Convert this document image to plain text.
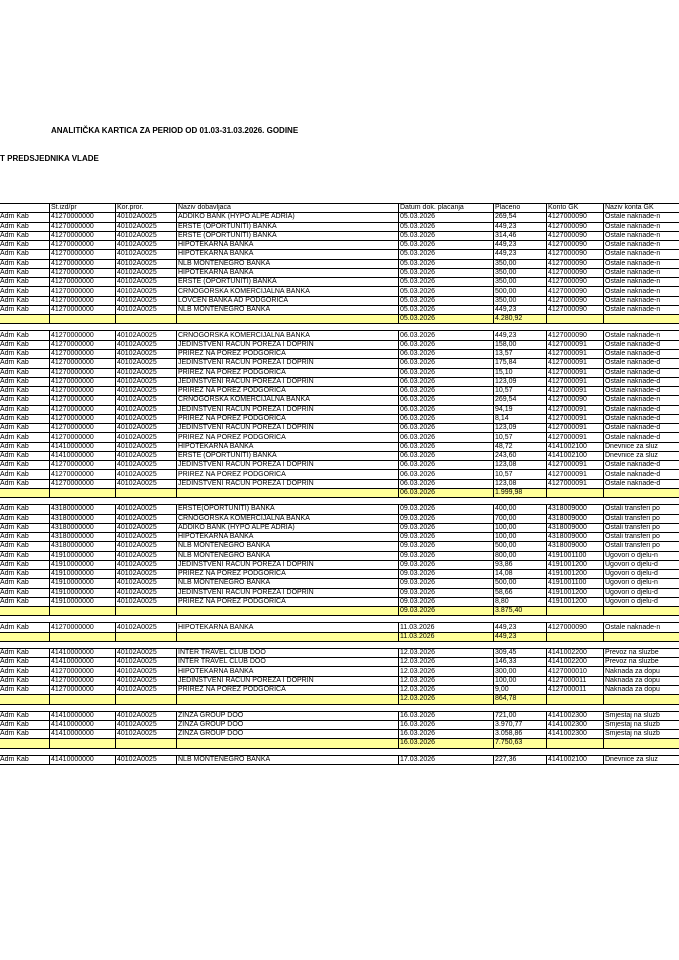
ANALITIČKA KARTICA ZA PERIOD OD 01.03-31.03.2026. GODINE
T PREDSJEDNIKA VLADE
	St.izd/pr	Kor.pror.	Naziv dobavljaca	Datum dok. placanja	Placeno	Konto GK	Naziv konta GK
Adm Kab	41270000000	40102A0025	ADDIKO BANK (HYPO ALPE ADRIA)	05.03.2026	269,54	4127000090	Ostale naknade-n
Adm Kab	41270000000	40102A0025	ERSTE (OPORTUNITI) BANKA	05.03.2026	449,23	4127000090	Ostale naknade-n
Adm Kab	41270000000	40102A0025	ERSTE (OPORTUNITI) BANKA	05.03.2026	314,46	4127000090	Ostale naknade-n
Adm Kab	41270000000	40102A0025	HIPOTEKARNA BANKA	05.03.2026	449,23	4127000090	Ostale naknade-n
Adm Kab	41270000000	40102A0025	HIPOTEKARNA BANKA	05.03.2026	449,23	4127000090	Ostale naknade-n
Adm Kab	41270000000	40102A0025	NLB MONTENEGRO BANKA	05.03.2026	350,00	4127000090	Ostale naknade-n
Adm Kab	41270000000	40102A0025	HIPOTEKARNA BANKA	05.03.2026	350,00	4127000090	Ostale naknade-n
Adm Kab	41270000000	40102A0025	ERSTE (OPORTUNITI) BANKA	05.03.2026	350,00	4127000090	Ostale naknade-n
Adm Kab	41270000000	40102A0025	CRNOGORSKA KOMERCIJALNA BANKA	05.03.2026	500,00	4127000090	Ostale naknade-n
Adm Kab	41270000000	40102A0025	LOVCEN BANKA AD PODGORICA	05.03.2026	350,00	4127000090	Ostale naknade-n
Adm Kab	41270000000	40102A0025	NLB MONTENEGRO BANKA	05.03.2026	449,23	4127000090	Ostale naknade-n
				05.03.2026	4.280,92		

Adm Kab	41270000000	40102A0025	CRNOGORSKA KOMERCIJALNA BANKA	06.03.2026	449,23	4127000090	Ostale naknade-n
Adm Kab	41270000000	40102A0025	JEDINSTVENI RACUN POREZA I DOPRIN	06.03.2026	158,00	4127000091	Ostale naknade-d
Adm Kab	41270000000	40102A0025	PRIREZ NA POREZ PODGORICA	06.03.2026	13,57	4127000091	Ostale naknade-d
Adm Kab	41270000000	40102A0025	JEDINSTVENI RACUN POREZA I DOPRIN	06.03.2026	175,84	4127000091	Ostale naknade-d
Adm Kab	41270000000	40102A0025	PRIREZ NA POREZ PODGORICA	06.03.2026	15,10	4127000091	Ostale naknade-d
Adm Kab	41270000000	40102A0025	JEDINSTVENI RACUN POREZA I DOPRIN	06.03.2026	123,09	4127000091	Ostale naknade-d
Adm Kab	41270000000	40102A0025	PRIREZ NA POREZ PODGORICA	06.03.2026	10,57	4127000091	Ostale naknade-d
Adm Kab	41270000000	40102A0025	CRNOGORSKA KOMERCIJALNA BANKA	06.03.2026	269,54	4127000090	Ostale naknade-n
Adm Kab	41270000000	40102A0025	JEDINSTVENI RACUN POREZA I DOPRIN	06.03.2026	94,19	4127000091	Ostale naknade-d
Adm Kab	41270000000	40102A0025	PRIREZ NA POREZ PODGORICA	06.03.2026	8,14	4127000091	Ostale naknade-d
Adm Kab	41270000000	40102A0025	JEDINSTVENI RACUN POREZA I DOPRIN	06.03.2026	123,09	4127000091	Ostale naknade-d
Adm Kab	41270000000	40102A0025	PRIREZ NA POREZ PODGORICA	06.03.2026	10,57	4127000091	Ostale naknade-d
Adm Kab	41410000000	40102A0025	HIPOTEKARNA BANKA	06.03.2026	48,72	4141002100	Dnevnice za sluz
Adm Kab	41410000000	40102A0025	ERSTE (OPORTUNITI) BANKA	06.03.2026	243,60	4141002100	Dnevnice za sluz
Adm Kab	41270000000	40102A0025	JEDINSTVENI RACUN POREZA I DOPRIN	06.03.2026	123,08	4127000091	Ostale naknade-d
Adm Kab	41270000000	40102A0025	PRIREZ NA POREZ PODGORICA	06.03.2026	10,57	4127000091	Ostale naknade-d
Adm Kab	41270000000	40102A0025	JEDINSTVENI RACUN POREZA I DOPRIN	06.03.2026	123,08	4127000091	Ostale naknade-d
				06.03.2026	1.999,98		

Adm Kab	43180000000	40102A0025	ERSTE(OPORTUNITI) BANKA	09.03.2026	400,00	4318009000	Ostali transferi po
Adm Kab	43180000000	40102A0025	CRNOGORSKA KOMERCIJALNA BANKA	09.03.2026	700,00	4318009000	Ostali transferi po
Adm Kab	43180000000	40102A0025	ADDIKO BANK (HYPO ALPE ADRIA)	09.03.2026	100,00	4318009000	Ostali transferi po
Adm Kab	43180000000	40102A0025	HIPOTEKARNA BANKA	09.03.2026	100,00	4318009000	Ostali transferi po
Adm Kab	43180000000	40102A0025	NLB MONTENEGRO BANKA	09.03.2026	500,00	4318009000	Ostali transferi po
Adm Kab	41910000000	40102A0025	NLB MONTENEGRO BANKA	09.03.2026	800,00	4191001100	Ugovori o djelu-n
Adm Kab	41910000000	40102A0025	JEDINSTVENI RACUN POREZA I DOPRIN	09.03.2026	93,86	4191001200	Ugovori o djelu-d
Adm Kab	41910000000	40102A0025	PRIREZ NA POREZ PODGORICA	09.03.2026	14,08	4191001200	Ugovori o djelu-d
Adm Kab	41910000000	40102A0025	NLB MONTENEGRO BANKA	09.03.2026	500,00	4191001100	Ugovori o djelu-n
Adm Kab	41910000000	40102A0025	JEDINSTVENI RACUN POREZA I DOPRIN	09.03.2026	58,66	4191001200	Ugovori o djelu-d
Adm Kab	41910000000	40102A0025	PRIREZ NA POREZ PODGORICA	09.03.2026	8,80	4191001200	Ugovori o djelu-d
				09.03.2026	3.875,40		

Adm Kab	41270000000	40102A0025	HIPOTEKARNA BANKA	11.03.2026	449,23	4127000090	Ostale naknade-n
				11.03.2026	449,23		

Adm Kab	41410000000	40102A0025	INTER TRAVEL CLUB DOO	12.03.2026	309,45	4141002200	Prevoz na sluzbe
Adm Kab	41410000000	40102A0025	INTER TRAVEL CLUB DOO	12.03.2026	146,33	4141002200	Prevoz na sluzbe
Adm Kab	41270000000	40102A0025	HIPOTEKARNA BANKA	12.03.2026	300,00	4127000010	Naknada za dopu
Adm Kab	41270000000	40102A0025	JEDINSTVENI RACUN POREZA I DOPRIN	12.03.2026	100,00	4127000011	Naknada za dopu
Adm Kab	41270000000	40102A0025	PRIREZ NA POREZ PODGORICA	12.03.2026	9,00	4127000011	Naknada za dopu
				12.03.2026	864,78		

Adm Kab	41410000000	40102A0025	ZINZA GROUP DOO	16.03.2026	721,00	4141002300	Smjestaj na sluzb
Adm Kab	41410000000	40102A0025	ZINZA GROUP DOO	16.03.2026	3.970,77	4141002300	Smjestaj na sluzb
Adm Kab	41410000000	40102A0025	ZINZA GROUP DOO	16.03.2026	3.058,86	4141002300	Smjestaj na sluzb
				16.03.2026	7.750,63		

Adm Kab	41410000000	40102A0025	NLB MONTENEGRO BANKA	17.03.2026	227,36	4141002100	Dnevnice za sluz
